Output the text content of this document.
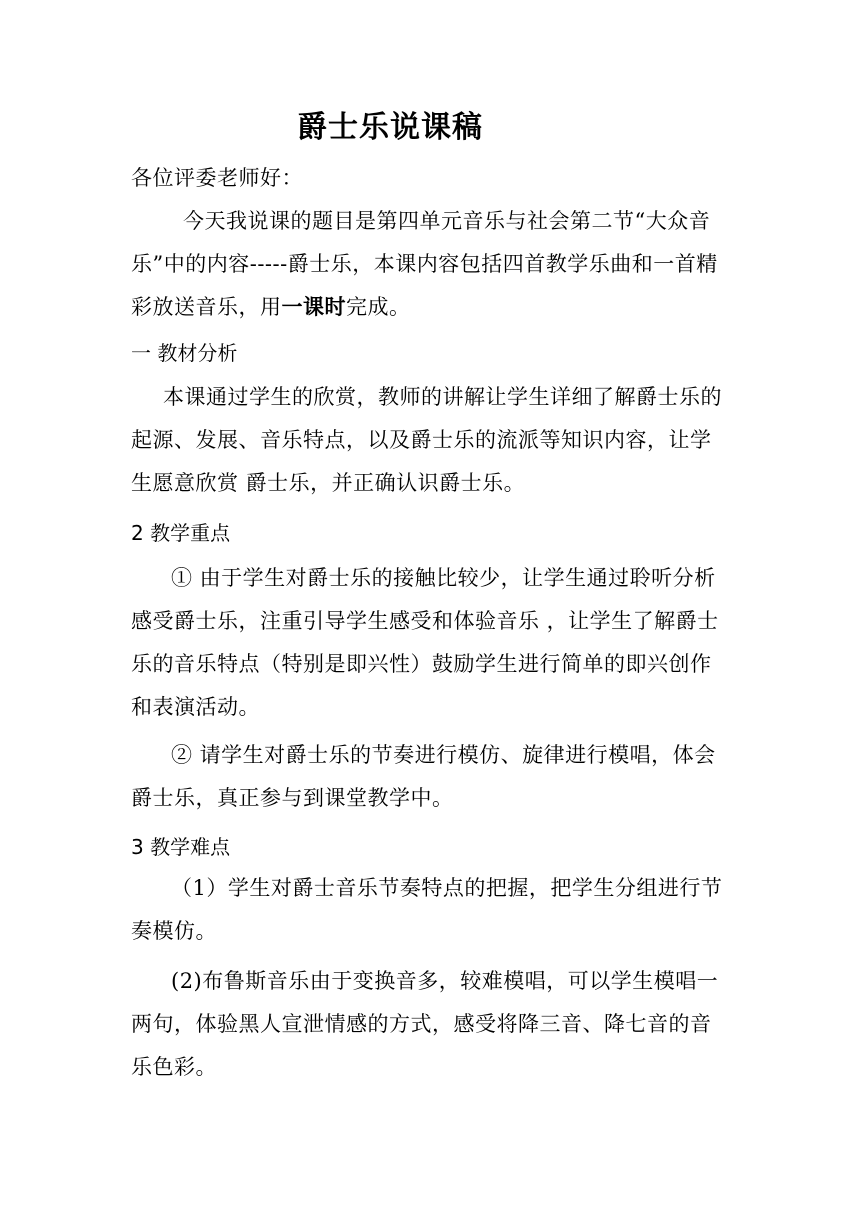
爵士乐说课稿
各位评委老师好：
今天我说课的题目是第四单元音乐与社会第二节“大众音乐”中的内容-----爵士乐，本课内容包括四首教学乐曲和一首精彩放送音乐，用一课时完成。
一 教材分析
本课通过学生的欣赏，教师的讲解让学生详细了解爵士乐的起源、发展、音乐特点，以及爵士乐的流派等知识内容，让学生愿意欣赏 爵士乐，并正确认识爵士乐。
2 教学重点
① 由于学生对爵士乐的接触比较少，让学生通过聆听分析感受爵士乐，注重引导学生感受和体验音乐 ，让学生了解爵士乐的音乐特点（特别是即兴性）鼓励学生进行简单的即兴创作和表演活动。
② 请学生对爵士乐的节奏进行模仿、旋律进行模唱，体会爵士乐，真正参与到课堂教学中。
3 教学难点
（1）学生对爵士音乐节奏特点的把握，把学生分组进行节奏模仿。
(2)布鲁斯音乐由于变换音多，较难模唱，可以学生模唱一两句，体验黑人宣泄情感的方式，感受将降三音、降七音的音乐色彩。
